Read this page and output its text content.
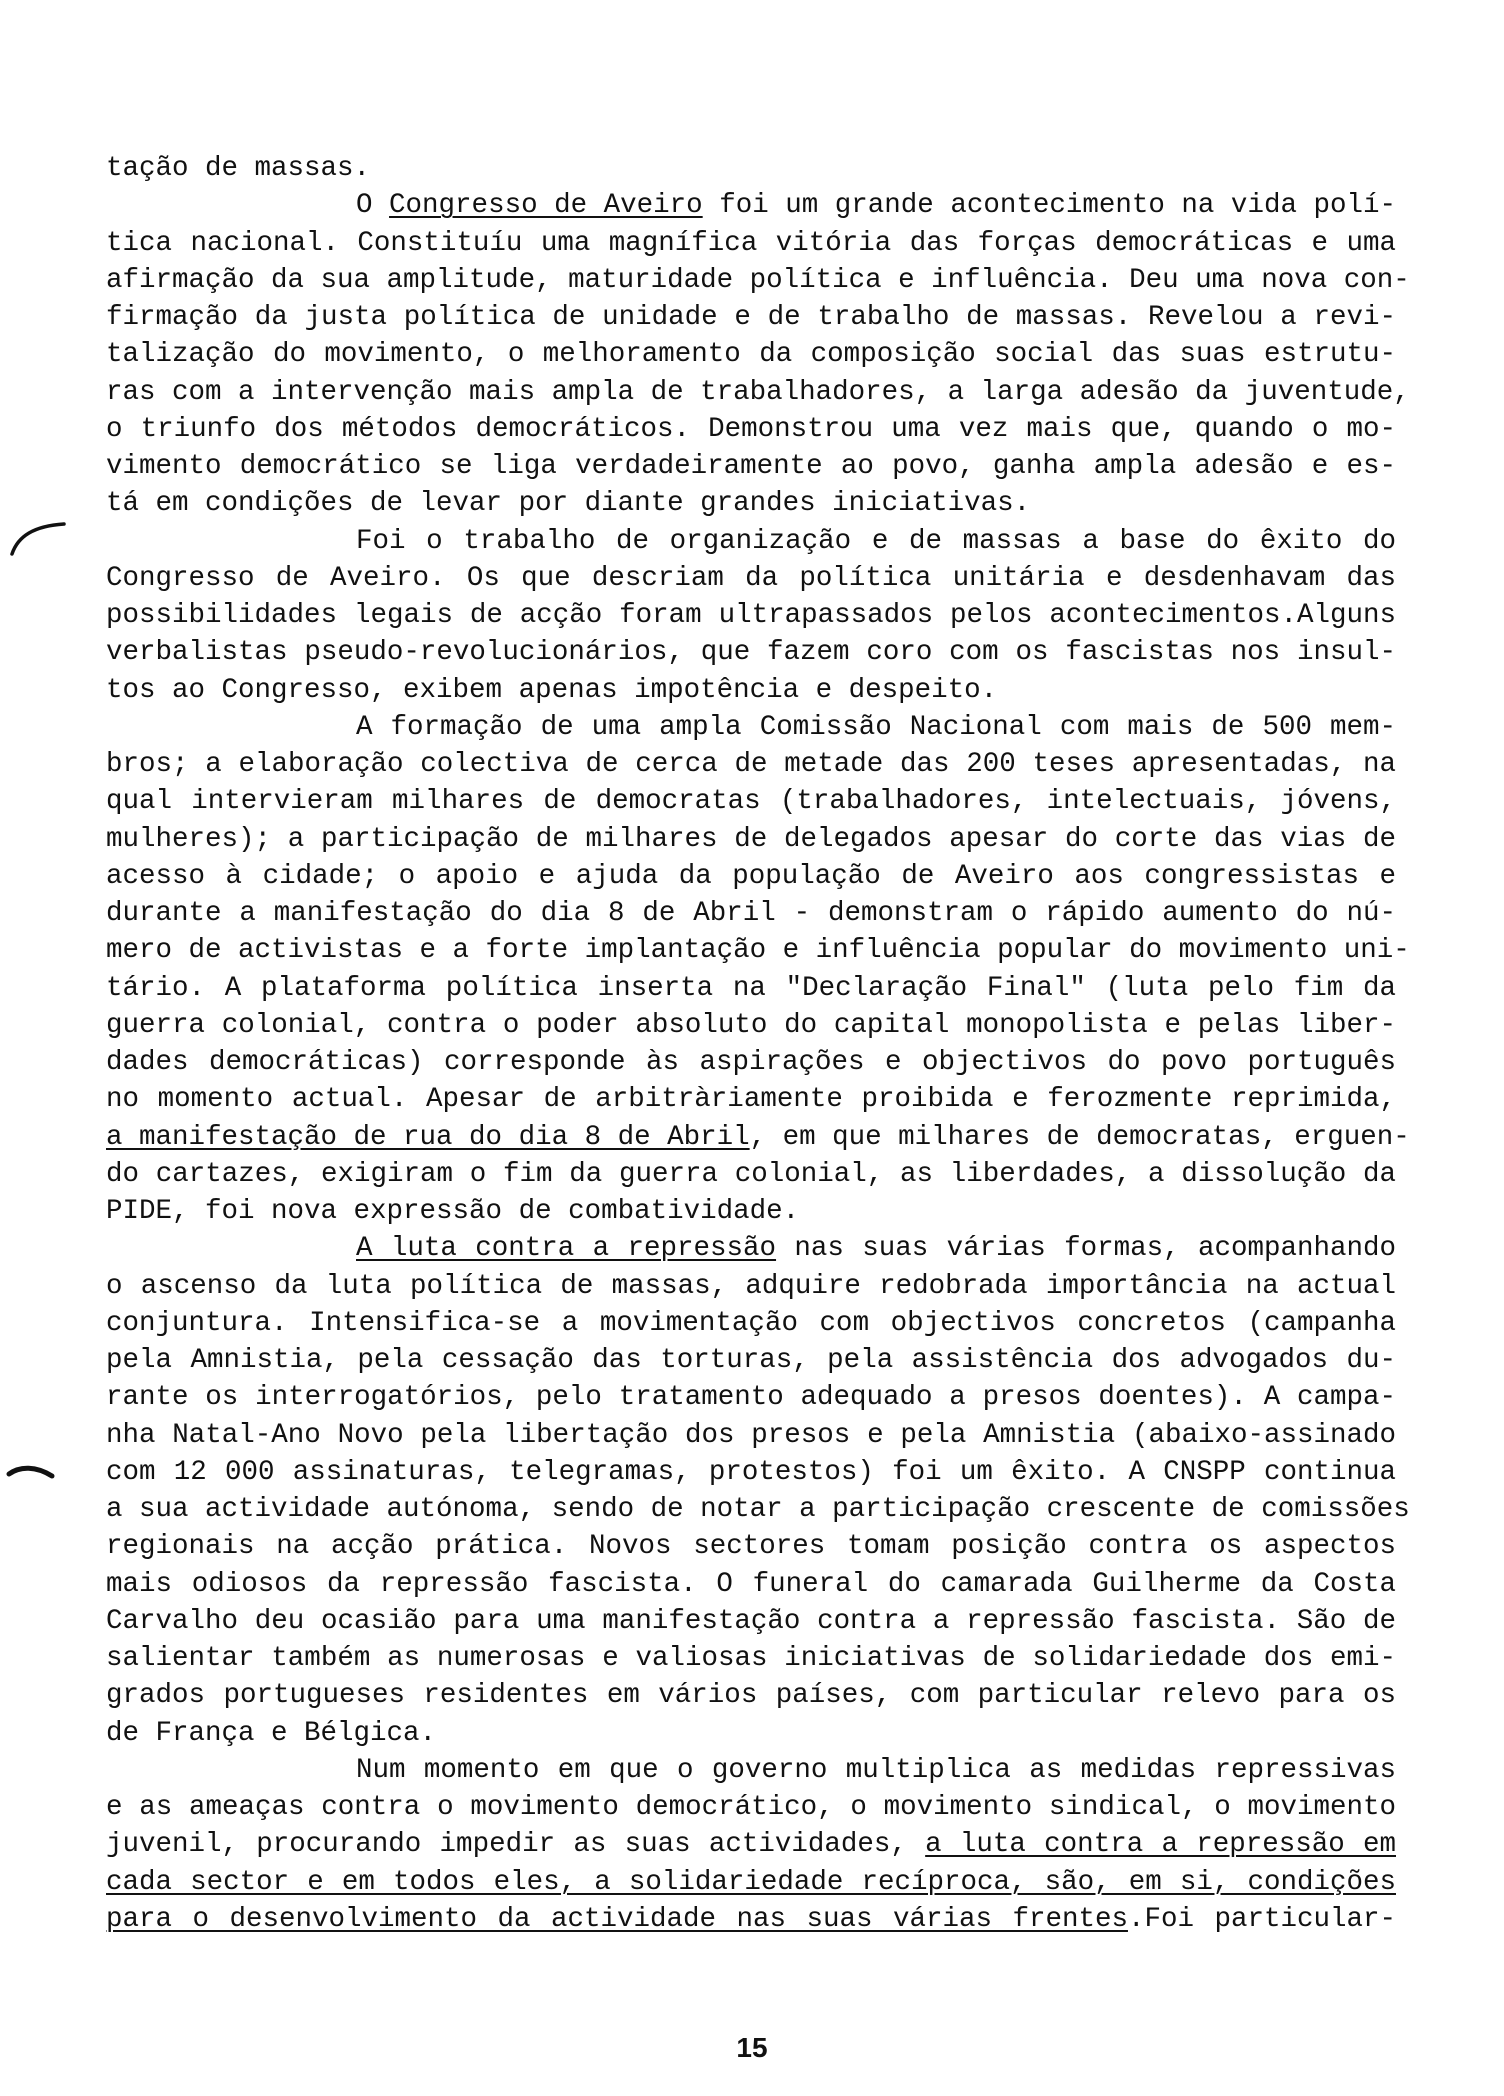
tação de massas.
O Congresso de Aveiro foi um grande acontecimento na vida polí-
tica nacional. Constituíu uma magnífica vitória das forças democráticas e uma
afirmação da sua amplitude, maturidade política e influência. Deu uma nova con-
firmação da justa política de unidade e de trabalho de massas. Revelou a revi-
talização do movimento, o melhoramento da composição social das suas estrutu-
ras com a intervenção mais ampla de trabalhadores, a larga adesão da juventude,
o triunfo dos métodos democráticos. Demonstrou uma vez mais que, quando o mo-
vimento democrático se liga verdadeiramente ao povo, ganha ampla adesão e es-
tá em condições de levar por diante grandes iniciativas.
Foi o trabalho de organização e de massas a base do êxito do
Congresso de Aveiro. Os que descriam da política unitária e desdenhavam das
possibilidades legais de acção foram ultrapassados pelos acontecimentos.Alguns
verbalistas pseudo-revolucionários, que fazem coro com os fascistas nos insul-
tos ao Congresso, exibem apenas impotência e despeito.
A formação de uma ampla Comissão Nacional com mais de 500 mem-
bros; a elaboração colectiva de cerca de metade das 200 teses apresentadas, na
qual intervieram milhares de democratas (trabalhadores, intelectuais, jóvens,
mulheres); a participação de milhares de delegados apesar do corte das vias de
acesso à cidade; o apoio e ajuda da população de Aveiro aos congressistas e
durante a manifestação do dia 8 de Abril - demonstram o rápido aumento do nú-
mero de activistas e a forte implantação e influência popular do movimento uni-
tário. A plataforma política inserta na "Declaração Final" (luta pelo fim da
guerra colonial, contra o poder absoluto do capital monopolista e pelas liber-
dades democráticas) corresponde às aspirações e objectivos do povo português
no momento actual. Apesar de arbitràriamente proibida e ferozmente reprimida,
a manifestação de rua do dia 8 de Abril, em que milhares de democratas, erguen-
do cartazes, exigiram o fim da guerra colonial, as liberdades, a dissolução da
PIDE, foi nova expressão de combatividade.
A luta contra a repressão nas suas várias formas, acompanhando
o ascenso da luta política de massas, adquire redobrada importância na actual
conjuntura. Intensifica-se a movimentação com objectivos concretos (campanha
pela Amnistia, pela cessação das torturas, pela assistência dos advogados du-
rante os interrogatórios, pelo tratamento adequado a presos doentes). A campa-
nha Natal-Ano Novo pela libertação dos presos e pela Amnistia (abaixo-assinado
com 12 000 assinaturas, telegramas, protestos) foi um êxito. A CNSPP continua
a sua actividade autónoma, sendo de notar a participação crescente de comissões
regionais na acção prática. Novos sectores tomam posição contra os aspectos
mais odiosos da repressão fascista. O funeral do camarada Guilherme da Costa
Carvalho deu ocasião para uma manifestação contra a repressão fascista. São de
salientar também as numerosas e valiosas iniciativas de solidariedade dos emi-
grados portugueses residentes em vários países, com particular relevo para os
de França e Bélgica.
Num momento em que o governo multiplica as medidas repressivas
e as ameaças contra o movimento democrático, o movimento sindical, o movimento
juvenil, procurando impedir as suas actividades, a luta contra a repressão em
cada sector e em todos eles, a solidariedade recíproca, são, em si, condições
para o desenvolvimento da actividade nas suas várias frentes.Foi particular-
15
